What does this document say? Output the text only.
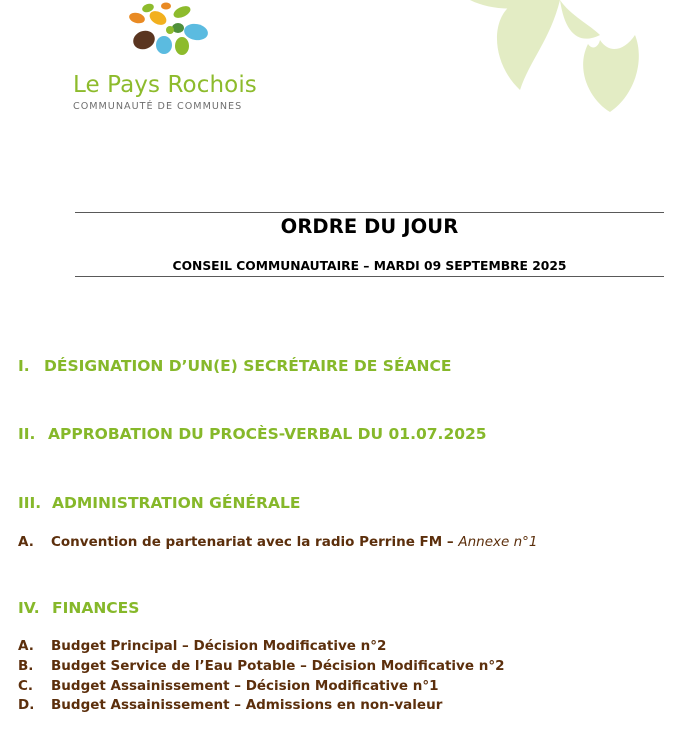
Le Pays Rochois
COMMUNAUTÉ DE COMMUNES
ORDRE DU JOUR
CONSEIL COMMUNAUTAIRE – MARDI 09 SEPTEMBRE 2025
I. DÉSIGNATION D’UN(E) SECRÉTAIRE DE SÉANCE
II. APPROBATION DU PROCÈS-VERBAL DU 01.07.2025
III. ADMINISTRATION GÉNÉRALE
A. Convention de partenariat avec la radio Perrine FM – Annexe n°1
IV. FINANCES
A. Budget Principal – Décision Modificative n°2
B. Budget Service de l’Eau Potable – Décision Modificative n°2
C. Budget Assainissement – Décision Modificative n°1
D. Budget Assainissement – Admissions en non-valeur
